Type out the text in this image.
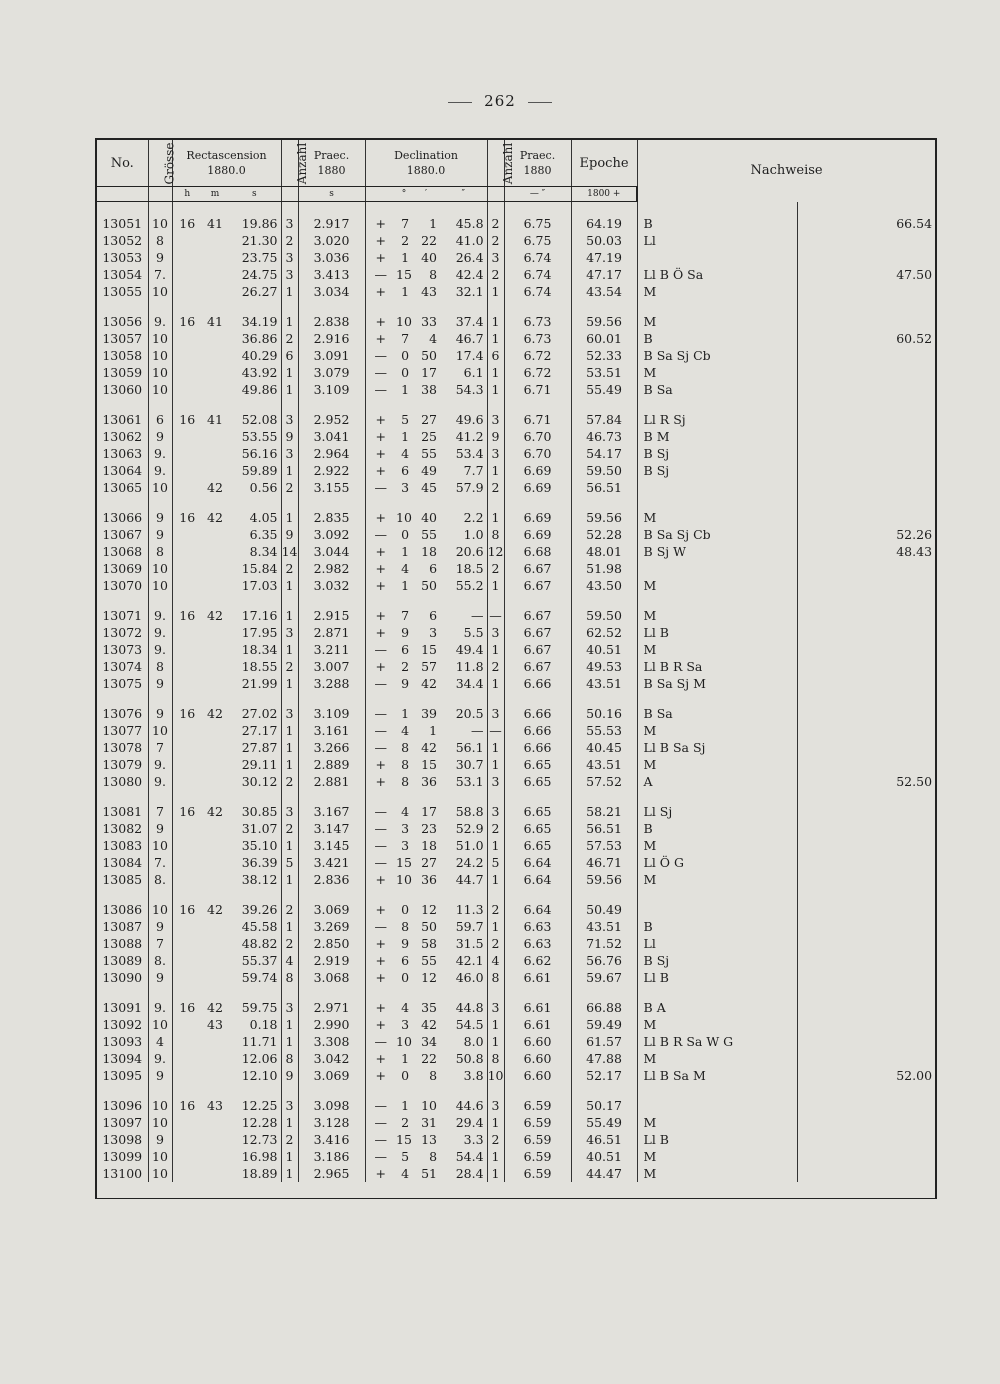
262
No.	Grösse	Rectascension
1880.0			Anzahl	Praec.
1880	Declination
1880.0				Anzahl	Praec.
1880	Epoche	Nachweise	
		h	m	s		s		°	′	″		— ″	1800 +		

13051	10	16	41	19.86	3	2.917	+	7	1	45.8	2	6.75	64.19	B	66.54
13052	8			21.30	2	3.020	+	2	22	41.0	2	6.75	50.03	Ll	
13053	9			23.75	3	3.036	+	1	40	26.4	3	6.74	47.19		
13054	7.			24.75	3	3.413	—	15	8	42.4	2	6.74	47.17	Ll B Ö Sa	47.50
13055	10			26.27	1	3.034	+	1	43	32.1	1	6.74	43.54	M	

13056	9.	16	41	34.19	1	2.838	+	10	33	37.4	1	6.73	59.56	M	
13057	10			36.86	2	2.916	+	7	4	46.7	1	6.73	60.01	B	60.52
13058	10			40.29	6	3.091	—	0	50	17.4	6	6.72	52.33	B Sa Sj Cb	
13059	10			43.92	1	3.079	—	0	17	6.1	1	6.72	53.51	M	
13060	10			49.86	1	3.109	—	1	38	54.3	1	6.71	55.49	B Sa	

13061	6	16	41	52.08	3	2.952	+	5	27	49.6	3	6.71	57.84	Ll R Sj	
13062	9			53.55	9	3.041	+	1	25	41.2	9	6.70	46.73	B M	
13063	9.			56.16	3	2.964	+	4	55	53.4	3	6.70	54.17	B Sj	
13064	9.			59.89	1	2.922	+	6	49	7.7	1	6.69	59.50	B Sj	
13065	10		42	0.56	2	3.155	—	3	45	57.9	2	6.69	56.51		

13066	9	16	42	4.05	1	2.835	+	10	40	2.2	1	6.69	59.56	M	
13067	9			6.35	9	3.092	—	0	55	1.0	8	6.69	52.28	B Sa Sj Cb	52.26
13068	8			8.34	14	3.044	+	1	18	20.6	12	6.68	48.01	B Sj W	48.43
13069	10			15.84	2	2.982	+	4	6	18.5	2	6.67	51.98		
13070	10			17.03	1	3.032	+	1	50	55.2	1	6.67	43.50	M	

13071	9.	16	42	17.16	1	2.915	+	7	6	—	—	6.67	59.50	M	
13072	9.			17.95	3	2.871	+	9	3	5.5	3	6.67	62.52	Ll B	
13073	9.			18.34	1	3.211	—	6	15	49.4	1	6.67	40.51	M	
13074	8			18.55	2	3.007	+	2	57	11.8	2	6.67	49.53	Ll B R Sa	
13075	9			21.99	1	3.288	—	9	42	34.4	1	6.66	43.51	B Sa Sj M	

13076	9	16	42	27.02	3	3.109	—	1	39	20.5	3	6.66	50.16	B Sa	
13077	10			27.17	1	3.161	—	4	1	—	—	6.66	55.53	M	
13078	7			27.87	1	3.266	—	8	42	56.1	1	6.66	40.45	Ll B Sa Sj	
13079	9.			29.11	1	2.889	+	8	15	30.7	1	6.65	43.51	M	
13080	9.			30.12	2	2.881	+	8	36	53.1	3	6.65	57.52	A	52.50

13081	7	16	42	30.85	3	3.167	—	4	17	58.8	3	6.65	58.21	Ll Sj	
13082	9			31.07	2	3.147	—	3	23	52.9	2	6.65	56.51	B	
13083	10			35.10	1	3.145	—	3	18	51.0	1	6.65	57.53	M	
13084	7.			36.39	5	3.421	—	15	27	24.2	5	6.64	46.71	Ll Ö G	
13085	8.			38.12	1	2.836	+	10	36	44.7	1	6.64	59.56	M	

13086	10	16	42	39.26	2	3.069	+	0	12	11.3	2	6.64	50.49		
13087	9			45.58	1	3.269	—	8	50	59.7	1	6.63	43.51	B	
13088	7			48.82	2	2.850	+	9	58	31.5	2	6.63	71.52	Ll	
13089	8.			55.37	4	2.919	+	6	55	42.1	4	6.62	56.76	B Sj	
13090	9			59.74	8	3.068	+	0	12	46.0	8	6.61	59.67	Ll B	

13091	9.	16	42	59.75	3	2.971	+	4	35	44.8	3	6.61	66.88	B A	
13092	10		43	0.18	1	2.990	+	3	42	54.5	1	6.61	59.49	M	
13093	4			11.71	1	3.308	—	10	34	8.0	1	6.60	61.57	Ll B R Sa W G	
13094	9.			12.06	8	3.042	+	1	22	50.8	8	6.60	47.88	M	
13095	9			12.10	9	3.069	+	0	8	3.8	10	6.60	52.17	Ll B Sa M	52.00

13096	10	16	43	12.25	3	3.098	—	1	10	44.6	3	6.59	50.17		
13097	10			12.28	1	3.128	—	2	31	29.4	1	6.59	55.49	M	
13098	9			12.73	2	3.416	—	15	13	3.3	2	6.59	46.51	Ll B	
13099	10			16.98	1	3.186	—	5	8	54.4	1	6.59	40.51	M	
13100	10			18.89	1	2.965	+	4	51	28.4	1	6.59	44.47	M	
